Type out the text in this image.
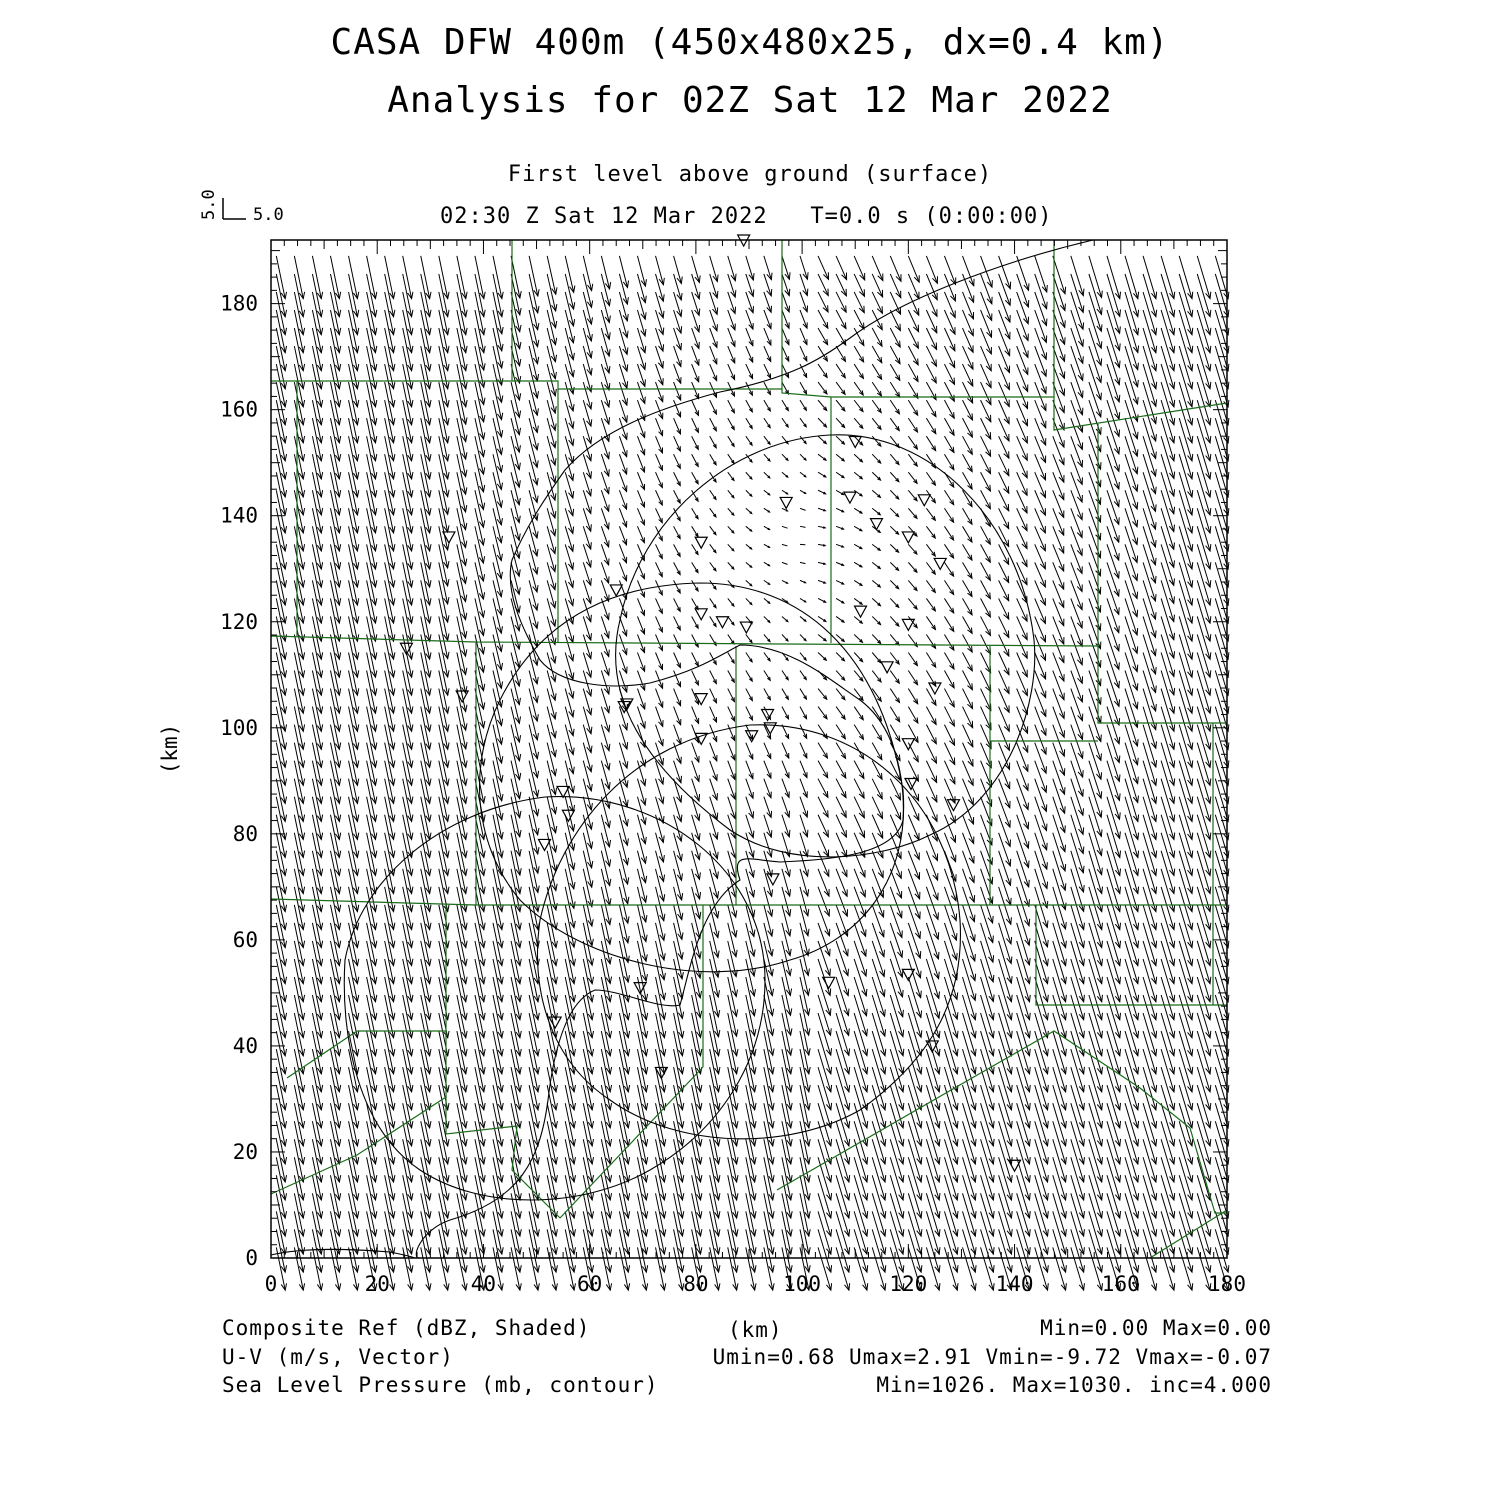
CASA DFW 400m (450x480x25, dx=0.4 km)
Analysis for 02Z Sat 12 Mar 2022
First level above ground (surface)
02:30 Z Sat 12 Mar 2022   T=0.0 s (0:00:00)
5.0
5.0
0	20	40	60	80	100	120	140	160	180
0
20
40
60
80
100
120
140
160
180
(km)
Composite Ref (dBZ, Shaded)	(km)	Min=0.00 Max=0.00
U-V (m/s, Vector)	Umin=0.68 Umax=2.91 Vmin=-9.72 Vmax=-0.07
Sea Level Pressure (mb, contour)	Min=1026. Max=1030. inc=4.000
